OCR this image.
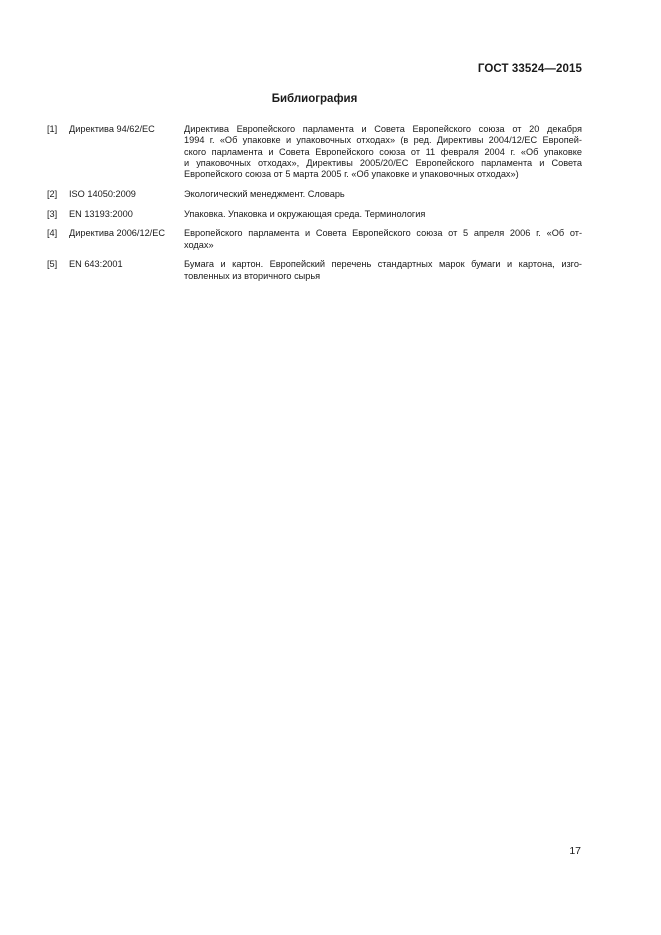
ГОСТ 33524—2015
Библиография
[1]	Директива 94/62/ЕС	Директива Европейского парламента и Совета Европейского союза от 20 декабря
1994 г. «Об упаковке и упаковочных отходах» (в ред. Директивы 2004/12/ЕС Европей-
ского парламента и Совета Европейского союза от 11 февраля 2004 г. «Об упаковке
и упаковочных отходах», Директивы 2005/20/ЕС Европейского парламента и Совета
Европейского союза от 5 марта 2005 г. «Об упаковке и упаковочных отходах»)
[2]	ISO 14050:2009	Экологический менеджмент. Словарь
[3]	EN 13193:2000	Упаковка. Упаковка и окружающая среда. Терминология
[4]	Директива 2006/12/ЕС	Европейского парламента и Совета Европейского союза от 5 апреля 2006 г. «Об от-
ходах»
[5]	EN 643:2001	Бумага и картон. Европейский перечень стандартных марок бумаги и картона, изго-
товленных из вторичного сырья
17
